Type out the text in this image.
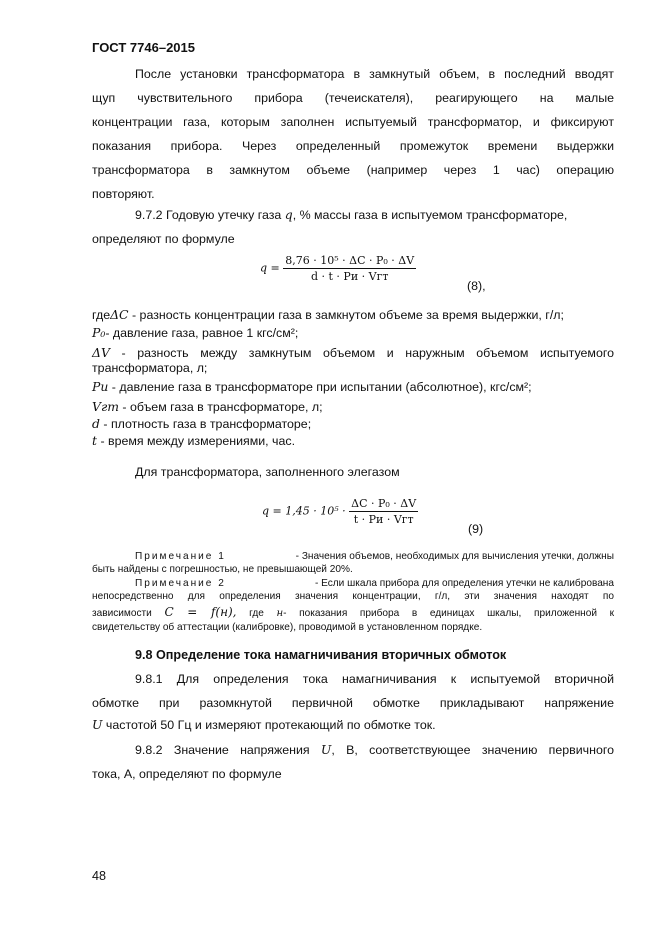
ГОСТ 7746–2015
После установки трансформатора в замкнутый объем, в последний вводят
щуп чувствительного прибора (течеискателя), реагирующего на малые
концентрации газа, которым заполнен испытуемый трансформатор, и фиксируют
показания прибора. Через определенный промежуток времени выдержки
трансформатора в замкнутом объеме (например через 1 час) операцию
повторяют.
9.7.2 Годовую утечку газа q, % массы газа в испытуемом трансформаторе,
определяют по формуле
$q = \frac{\text{8,76 · 10⁵ · ΔC · P₀ · ΔV}}{\text{d · t · Pи · Vгт}}$
(8),
гдеΔC - разность концентрации газа в замкнутом объеме за время выдержки, г/л;
P₀- давление газа, равное 1 кгс/см²;
ΔV - разность между замкнутым объемом и наружным объемом испытуемого
трансформатора, л;
Pи - давление газа в трансформаторе при испытании (абсолютное), кгс/см²;
Vгт - объем газа в трансформаторе, л;
d - плотность газа в трансформаторе;
t - время между измерениями, час.
Для трансформатора, заполненного элегазом
$q = 1,45 \cdot 10^5 \cdot \frac{\text{ΔC · P₀ · ΔV}}{\text{t · Pи · Vгт}}$
(9)
Примечание 1	- Значения объемов, необходимых для вычисления утечки, должны
быть найдены с погрешностью, не превышающей 20%.
Примечание 2	- Если шкала прибора для определения утечки не калибрована
непосредственно для определения значения концентрации, г/л, эти значения находят по
зависимости C = f(н), где н- показания прибора в единицах шкалы, приложенной к
свидетельству об аттестации (калибровке), проводимой в установленном порядке.
9.8 Определение тока намагничивания вторичных обмоток
9.8.1 Для определения тока намагничивания к испытуемой вторичной
обмотке при разомкнутой первичной обмотке прикладывают напряжение
U частотой 50 Гц и измеряют протекающий по обмотке ток.
9.8.2 Значение напряжения U, В, соответствующее значению первичного
тока, А, определяют по формуле
48
